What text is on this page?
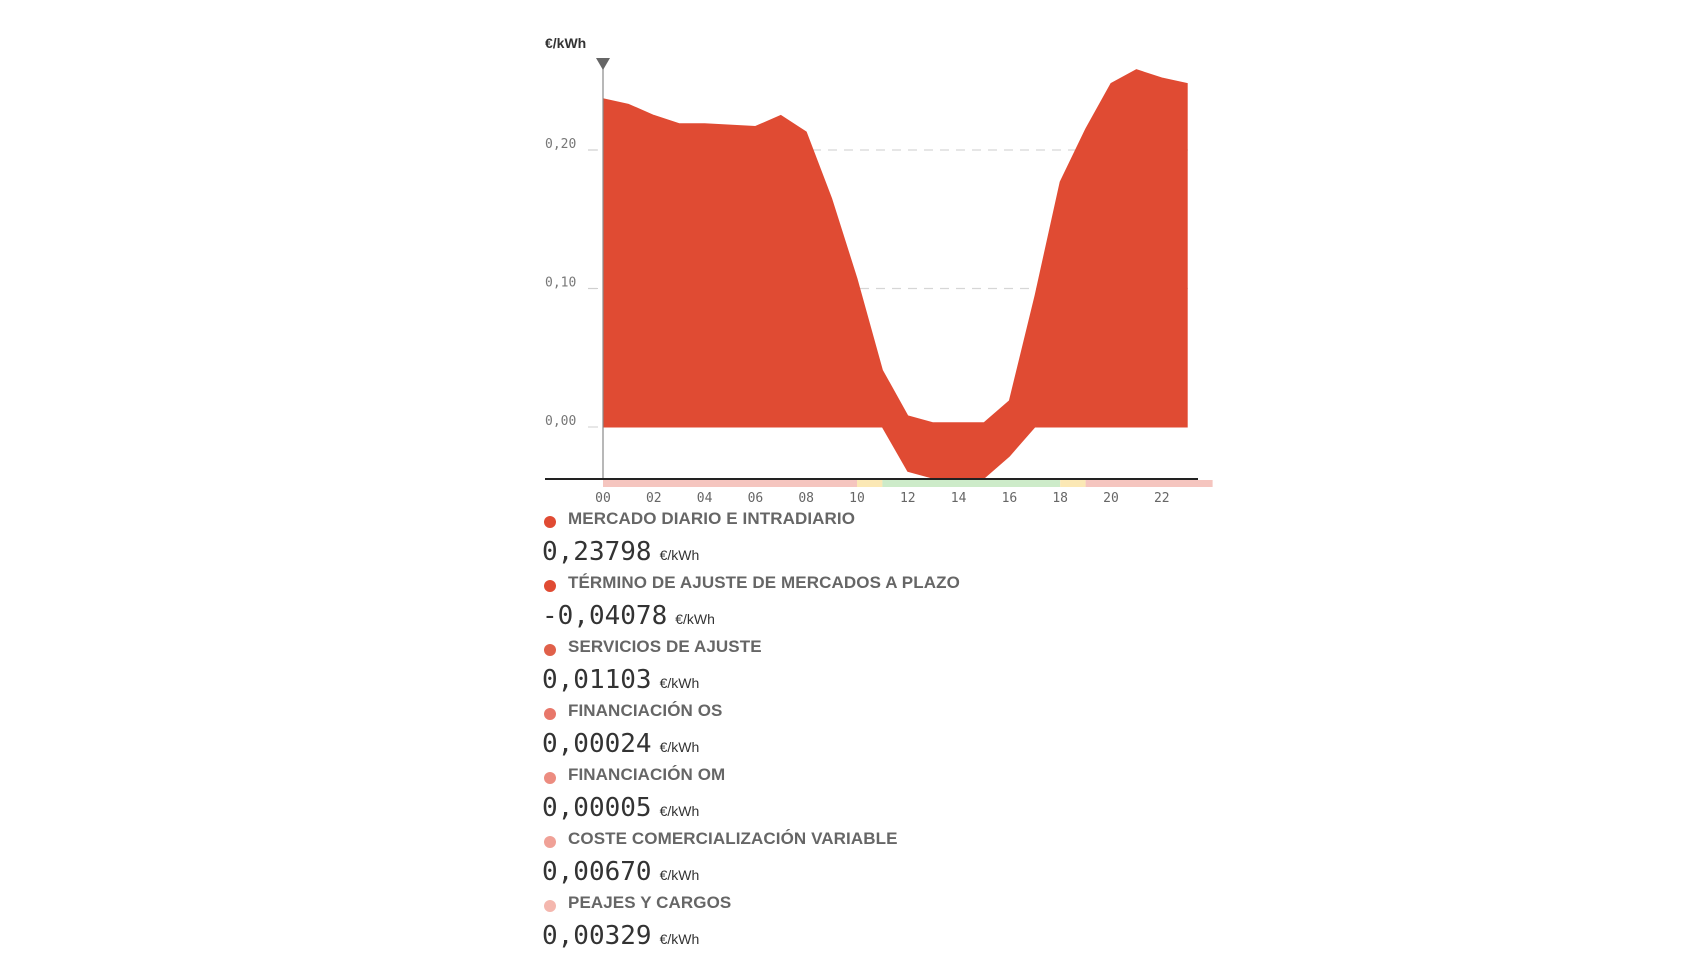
0,00
0,10
0,20
€/kWh
00	02	04	06	08	10	12	14	16	18	20	22
MERCADO DIARIO E INTRADIARIO
0,23798 €/kWh
TÉRMINO DE AJUSTE DE MERCADOS A PLAZO
-0,04078 €/kWh
SERVICIOS DE AJUSTE
0,01103 €/kWh
FINANCIACIÓN OS
0,00024 €/kWh
FINANCIACIÓN OM
0,00005 €/kWh
COSTE COMERCIALIZACIÓN VARIABLE
0,00670 €/kWh
PEAJES Y CARGOS
0,00329 €/kWh
